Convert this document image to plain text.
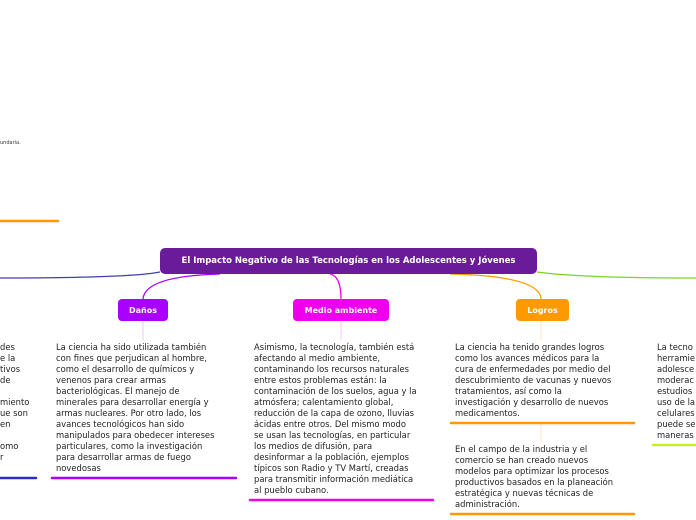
undaria.
El Impacto Negativo de las Tecnologías en los Adolescentes y Jóvenes
Daños	Medio ambiente	Logros

des
e la
tivos
de

miento
ue son
en

omo
r

La ciencia ha sido utilizada también
con fines que perjudican al hombre,
como el desarrollo de químicos y
venenos para crear armas
bacteriológicas. El manejo de
minerales para desarrollar energía y
armas nucleares. Por otro lado, los
avances tecnológicos han sido
manipulados para obedecer intereses
particulares, como la investigación
para desarrollar armas de fuego
novedosas

Asimismo, la tecnología, también está
afectando al medio ambiente,
contaminando los recursos naturales
entre estos problemas están: la
contaminación de los suelos, agua y la
atmósfera; calentamiento global,
reducción de la capa de ozono, lluvias
ácidas entre otros. Del mismo modo
se usan las tecnologías, en particular
los medios de difusión, para
desinformar a la población, ejemplos
típicos son Radio y TV Martí, creadas
para transmitir información mediática
al pueblo cubano.

La ciencia ha tenido grandes logros
como los avances médicos para la
cura de enfermedades por medio del
descubrimiento de vacunas y nuevos
tratamientos, así como la
investigación y desarrollo de nuevos
medicamentos.

En el campo de la industria y el
comercio se han creado nuevos
modelos para optimizar los procesos
productivos basados en la planeación
estratégica y nuevas técnicas de
administración.

La tecno
herramie
adolesce
moderac
estudios
uso de la
celulares
puede se
maneras
